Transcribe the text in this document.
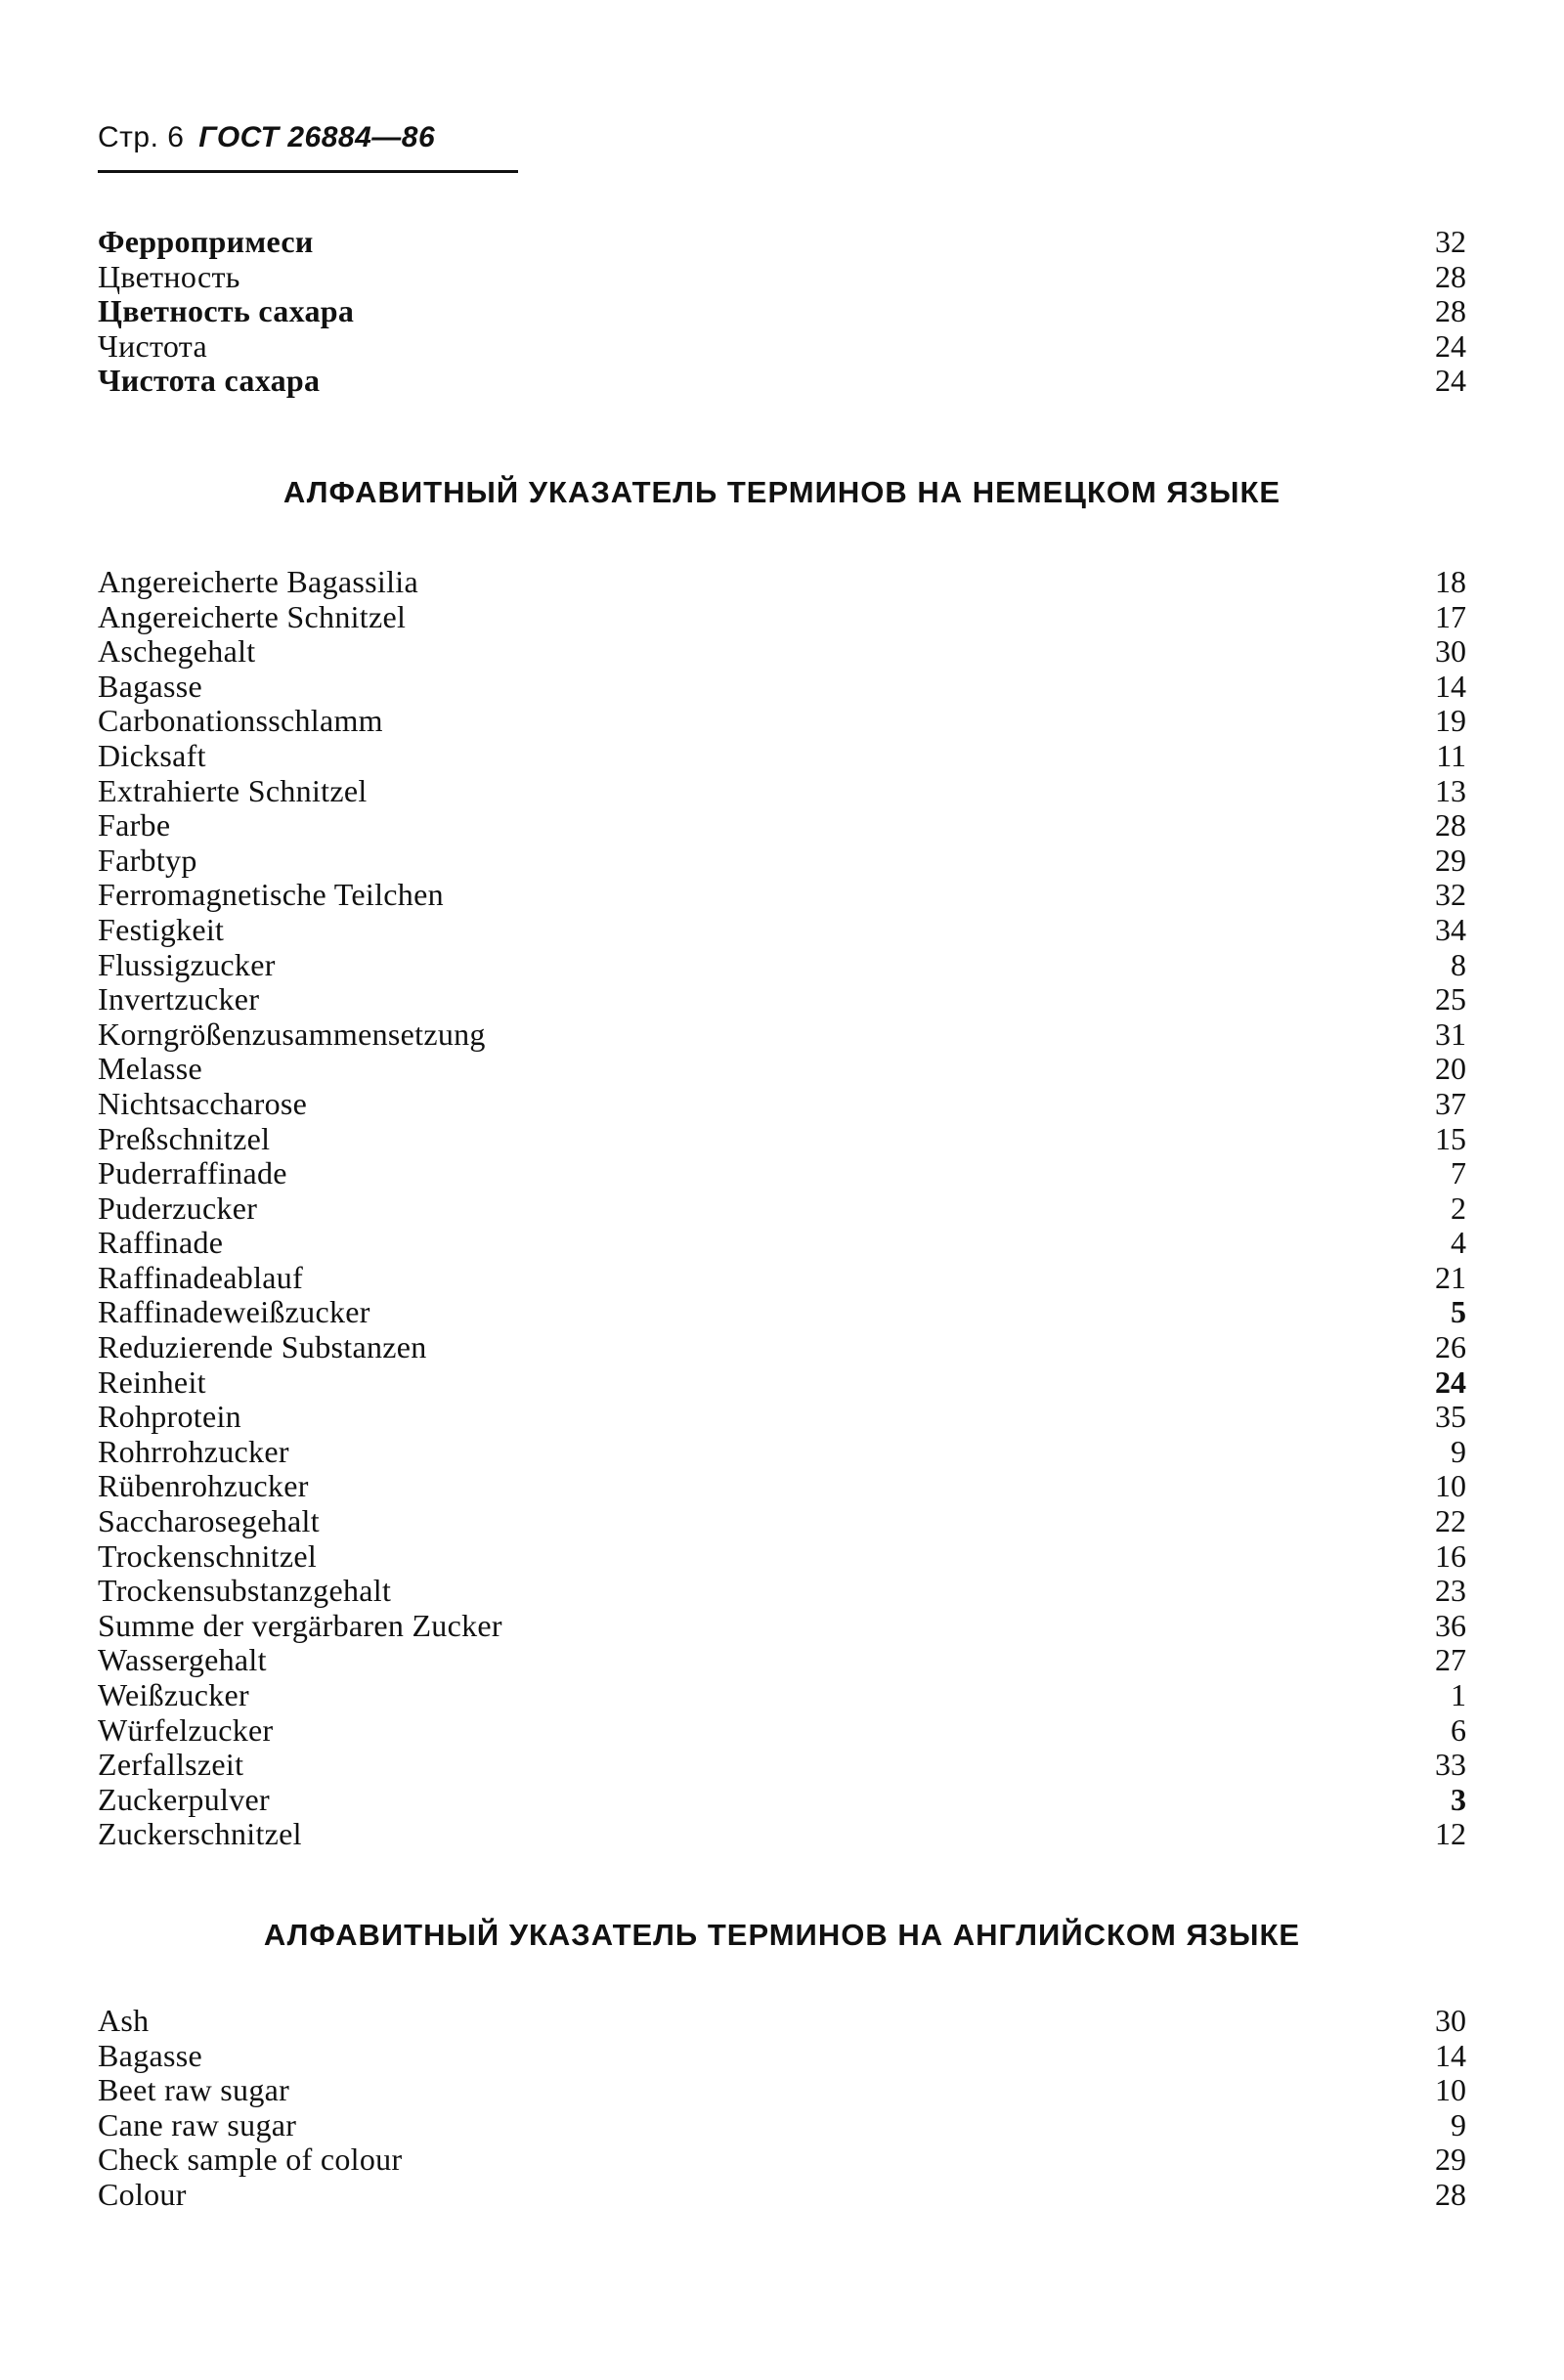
Стр. 6 ГОСТ 26884—86
Ферропримеси	32
Цветность	28
Цветность сахара	28
Чистота	24
Чистота сахара	24
АЛФАВИТНЫЙ УКАЗАТЕЛЬ ТЕРМИНОВ НА НЕМЕЦКОМ ЯЗЫКЕ
Angereicherte Bagassilia	18
Angereicherte Schnitzel	17
Aschegehalt	30
Bagasse	14
Carbonationsschlamm	19
Dicksaft	11
Extrahierte Schnitzel	13
Farbe	28
Farbtyp	29
Ferromagnetische Teilchen	32
Festigkeit	34
Flussigzucker	8
Invertzucker	25
Korngrößenzusammensetzung	31
Melasse	20
Nichtsaccharose	37
Preßschnitzel	15
Puderraffinade	7
Puderzucker	2
Raffinade	4
Raffinadeablauf	21
Raffinadeweißzucker	5
Reduzierende Substanzen	26
Reinheit	24
Rohprotein	35
Rohrrohzucker	9
Rübenrohzucker	10
Saccharosegehalt	22
Trockenschnitzel	16
Trockensubstanzgehalt	23
Summe der vergärbaren Zucker	36
Wassergehalt	27
Weißzucker	1
Würfelzucker	6
Zerfallszeit	33
Zuckerpulver	3
Zuckerschnitzel	12
АЛФАВИТНЫЙ УКАЗАТЕЛЬ ТЕРМИНОВ НА АНГЛИЙСКОМ ЯЗЫКЕ
Ash	30
Bagasse	14
Beet raw sugar	10
Cane raw sugar	9
Check sample of colour	29
Colour	28
